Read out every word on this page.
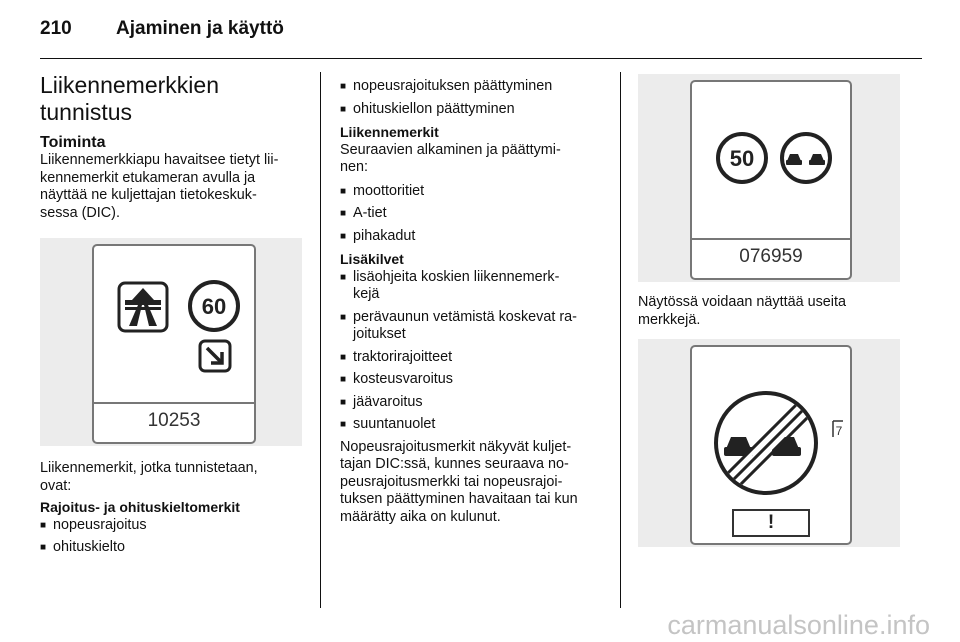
210 Ajaminen ja käyttö
Liikennemerkkien
tunnistus
Toiminta

Liikennemerkkiapu havaitsee tietyt lii-
kennemerkit etukameran avulla ja
näyttää ne kuljettajan tietokeskuk-
sessa (DIC).

60
10253

Liikennemerkit, jotka tunnistetaan,
ovat:

Rajoitus- ja ohituskieltomerkit

■ nopeusrajoitus
■ ohituskielto
■ nopeusrajoituksen päättyminen
■ ohituskiellon päättyminen

Liikennemerkit

Seuraavien alkaminen ja päättymi-
nen:

■ moottoritiet
■ A-tiet
■ pihakadut

Lisäkilvet

■ lisäohjeita koskien liikennemerk-
kejä
■ perävaunun vetämistä koskevat ra-
joitukset
■ traktorirajoitteet
■ kosteusvaroitus
■ jäävaroitus
■ suuntanuolet

Nopeusrajoitusmerkit näkyvät kuljet-
tajan DIC:ssä, kunnes seuraava no-
peusrajoitusmerkki tai nopeusrajoi-
tuksen päättyminen havaitaan tai kun
määrätty aika on kulunut.

50
076959

Näytössä voidaan näyttää useita
merkkejä.

7
!
carmanualsonline.info
